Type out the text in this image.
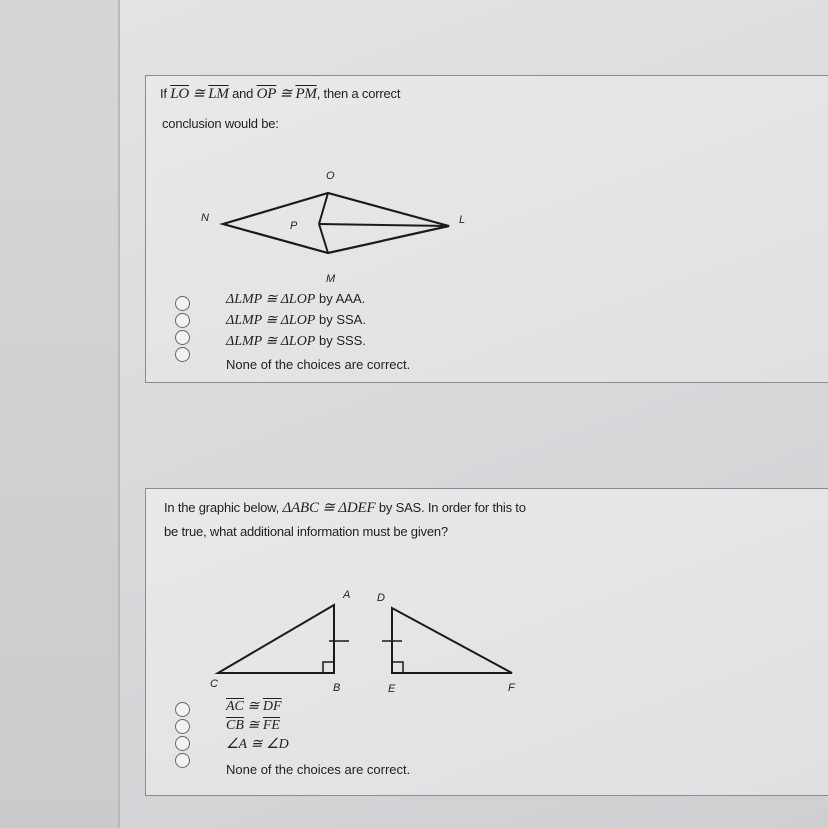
If $\overline{LO}$ ≅ $\overline{LM}$ and $\overline{OP}$ ≅ $\overline{PM}$, then a correct
conclusion would be:
O
N
P	L
M
ΔLMP ≅ ΔLOP by AAA.
ΔLMP ≅ ΔLOP by SSA.
ΔLMP ≅ ΔLOP by SSS.
None of the choices are correct.
In the graphic below, ΔABC ≅ ΔDEF by SAS. In order for this to
be true, what additional information must be given?
A D
C	B	E	F
$\overline{AC}$ ≅ $\overline{DF}$
$\overline{CB}$ ≅ $\overline{FE}$
∠A ≅ ∠D
None of the choices are correct.
